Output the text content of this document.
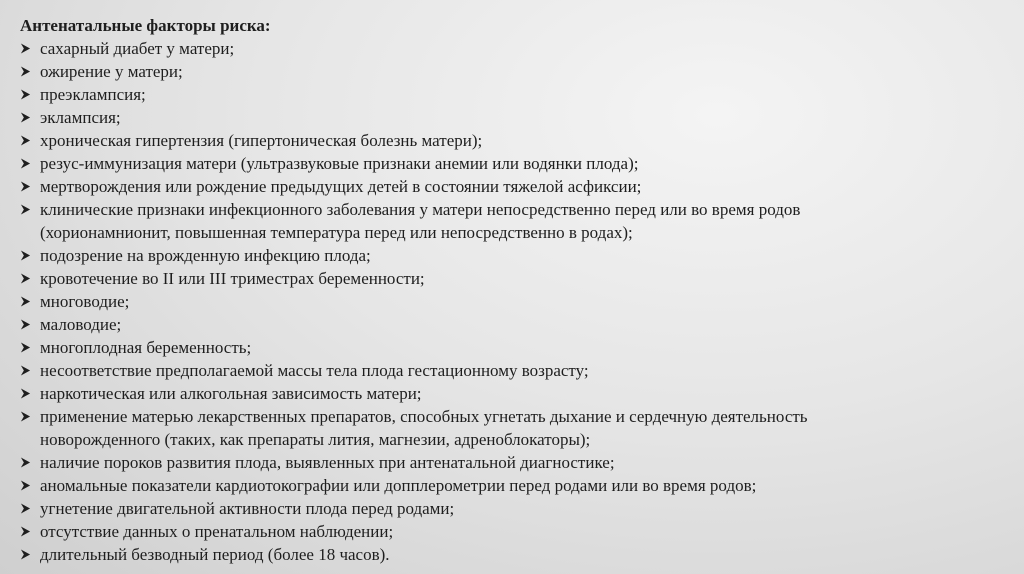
Антенатальные факторы риска:
сахарный диабет у матери;
ожирение у матери;
преэклампсия;
эклампсия;
хроническая гипертензия (гипертоническая болезнь матери);
резус-иммунизация матери (ультразвуковые признаки анемии или водянки плода);
мертворождения или рождение предыдущих детей в состоянии тяжелой асфиксии;
клинические признаки инфекционного заболевания у матери непосредственно перед или во время родов
(хорионамнионит, повышенная температура перед или непосредственно в родах);
подозрение на врожденную инфекцию плода;
кровотечение во II или III триместрах беременности;
многоводие;
маловодие;
многоплодная беременность;
несоответствие предполагаемой массы тела плода гестационному возрасту;
наркотическая или алкогольная зависимость матери;
применение матерью лекарственных препаратов, способных угнетать дыхание и сердечную деятельность
новорожденного (таких, как препараты лития, магнезии, адреноблокаторы);
наличие пороков развития плода, выявленных при антенатальной диагностике;
аномальные показатели кардиотокографии или допплерометрии перед родами или во время родов;
угнетение двигательной активности плода перед родами;
отсутствие данных о пренатальном наблюдении;
длительный безводный период (более 18 часов).
